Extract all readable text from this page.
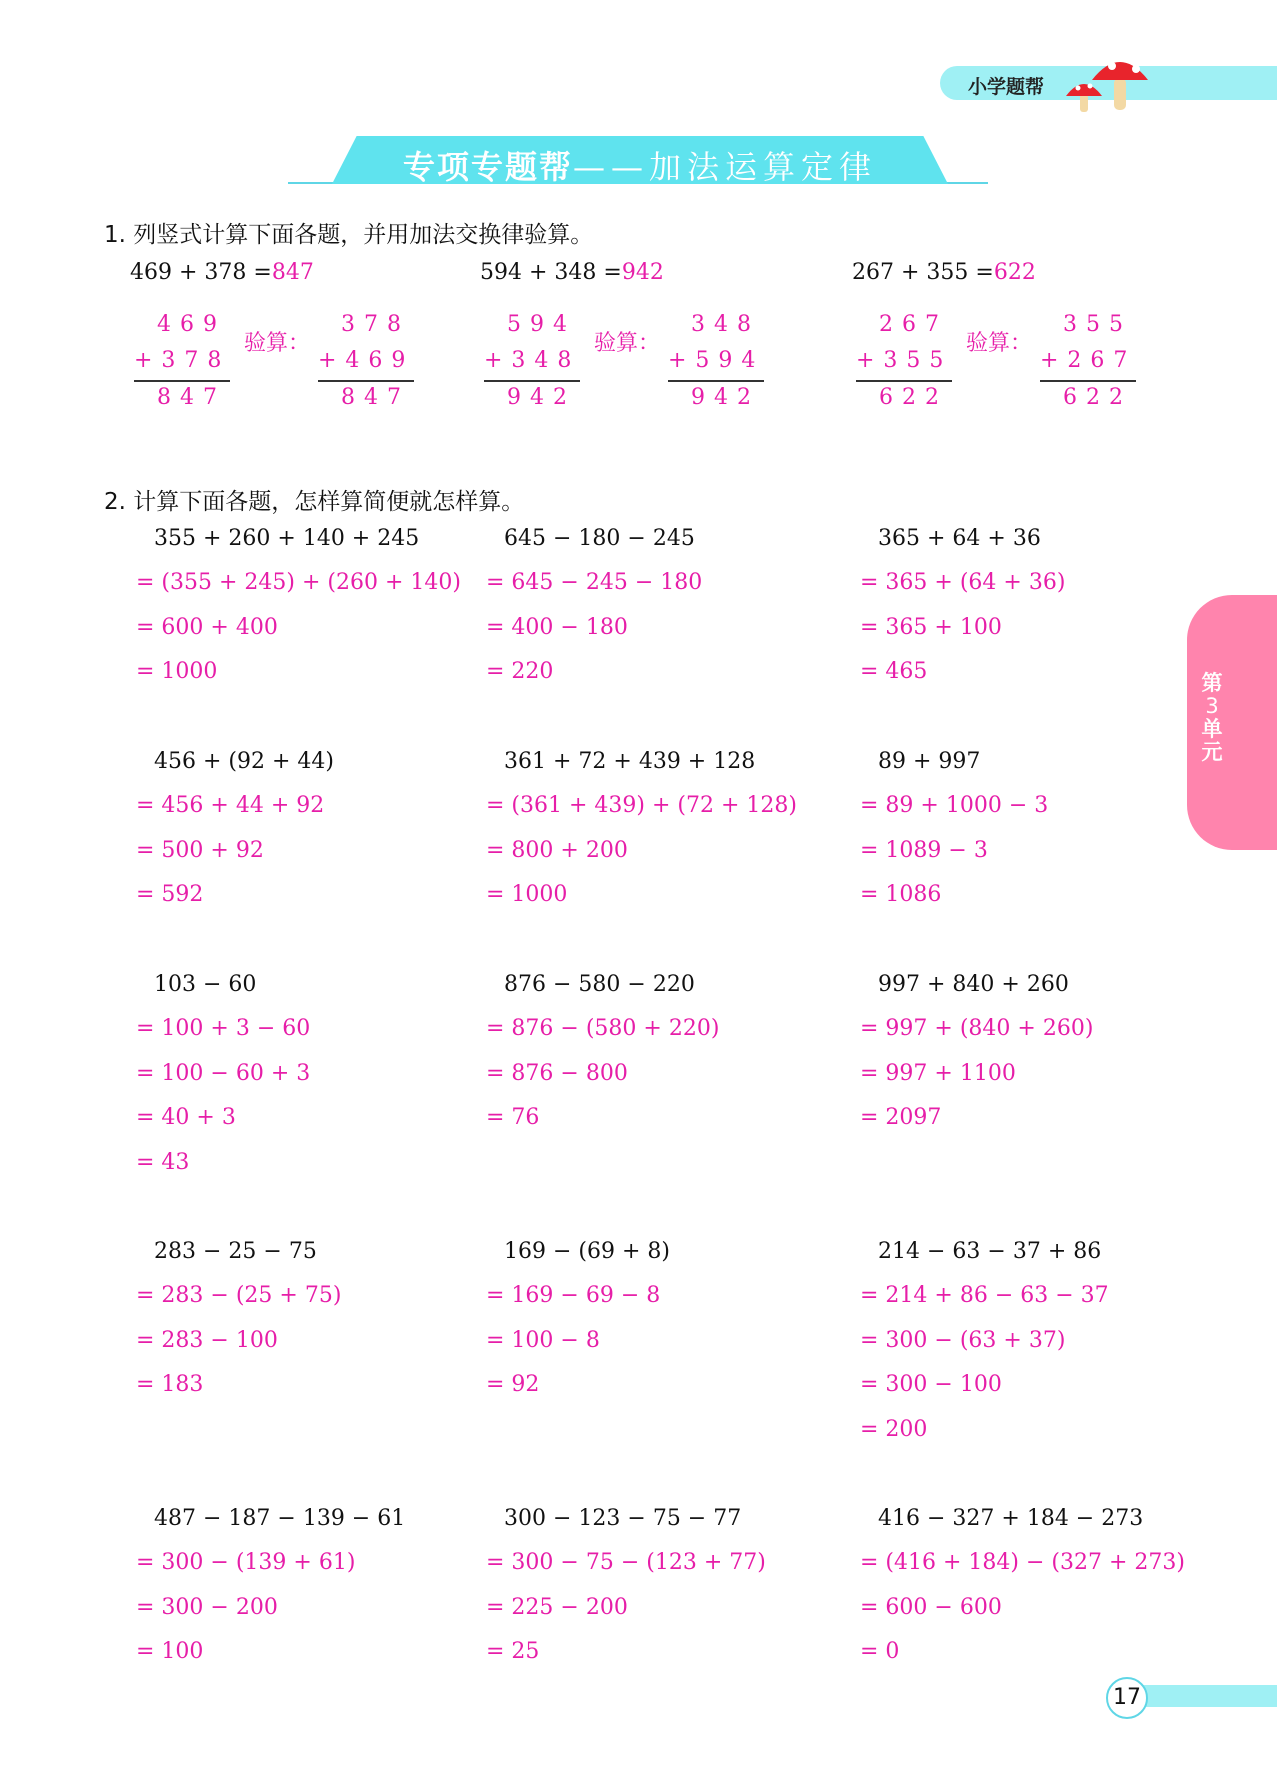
小学题帮
专项专题帮——加法运算定律
1. 列竖式计算下面各题，并用加法交换律验算。
2. 计算下面各题，怎样算简便就怎样算。
第
3
单
元
17
469 + 378 =847
469
+378
847
验算：
378
+469
847
594 + 348 =942
594
+348
942
验算：
348
+594
942
267 + 355 =622
267
+355
622
验算：
355
+267
622
355 + 260 + 140 + 245
= (355 + 245) + (260 + 140)
= 600 + 400
= 1000
645 − 180 − 245
= 645 − 245 − 180
= 400 − 180
= 220
365 + 64 + 36
= 365 + (64 + 36)
= 365 + 100
= 465
456 + (92 + 44)
= 456 + 44 + 92
= 500 + 92
= 592
361 + 72 + 439 + 128
= (361 + 439) + (72 + 128)
= 800 + 200
= 1000
89 + 997
= 89 + 1000 − 3
= 1089 − 3
= 1086
103 − 60
= 100 + 3 − 60
= 100 − 60 + 3
= 40 + 3
= 43
876 − 580 − 220
= 876 − (580 + 220)
= 876 − 800
= 76
997 + 840 + 260
= 997 + (840 + 260)
= 997 + 1100
= 2097
283 − 25 − 75
= 283 − (25 + 75)
= 283 − 100
= 183
169 − (69 + 8)
= 169 − 69 − 8
= 100 − 8
= 92
214 − 63 − 37 + 86
= 214 + 86 − 63 − 37
= 300 − (63 + 37)
= 300 − 100
= 200
487 − 187 − 139 − 61
= 300 − (139 + 61)
= 300 − 200
= 100
300 − 123 − 75 − 77
= 300 − 75 − (123 + 77)
= 225 − 200
= 25
416 − 327 + 184 − 273
= (416 + 184) − (327 + 273)
= 600 − 600
= 0
